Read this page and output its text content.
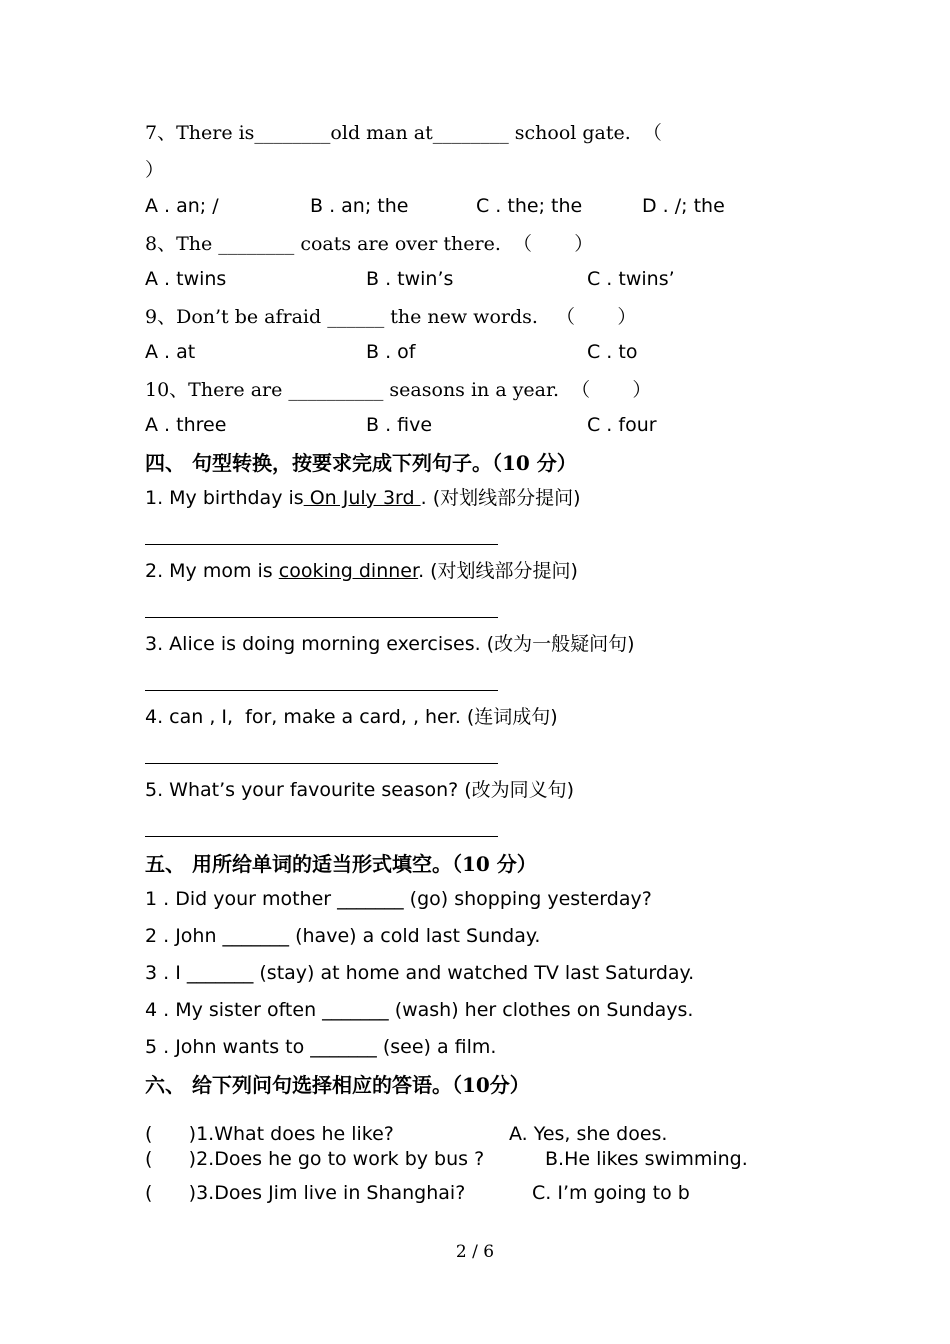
7、There is________old man at________ school gate.  （
）
A . an; /	B . an; the	C . the; the	D . /; the
8、The ________ coats are over there.  （       ）
A . twins	B . twin’s	C . twins’
9、Don’t be afraid ______ the new words.   （       ）
A . at	B . of	C . to
10、There are __________ seasons in a year.  （       ）
A . three	B . five	C . four
四、 句型转换，按要求完成下列句子。（10 分）
1. My birthday is On July 3rd . (对划线部分提问)
2. My mom is cooking dinner. (对划线部分提问)
3. Alice is doing morning exercises. (改为一般疑问句)
4. can , I,  for, make a card, , her. (连词成句)
5. What’s your favourite season? (改为同义句)
五、 用所给单词的适当形式填空。（10 分）
1 . Did your mother _______ (go) shopping yesterday?
2 . John _______ (have) a cold last Sunday.
3 . I _______ (stay) at home and watched TV last Saturday.
4 . My sister often _______ (wash) her clothes on Sundays.
5 . John wants to _______ (see) a film.
六、 给下列问句选择相应的答语。（10分）
(      )1.What does he like?	A. Yes, she does.
(      )2.Does he go to work by bus ?	B.He likes swimming.
(      )3.Does Jim live in Shanghai?	C. I’m going to b
2 / 6
